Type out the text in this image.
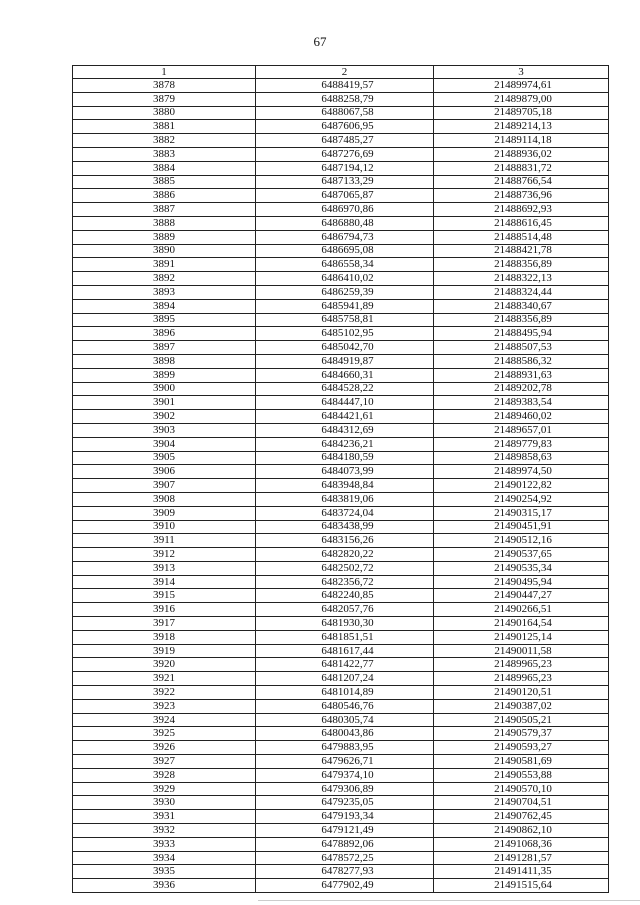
67
1	2	3
3878	6488419,57	21489974,61
3879	6488258,79	21489879,00
3880	6488067,58	21489705,18
3881	6487606,95	21489214,13
3882	6487485,27	21489114,18
3883	6487276,69	21488936,02
3884	6487194,12	21488831,72
3885	6487133,29	21488766,54
3886	6487065,87	21488736,96
3887	6486970,86	21488692,93
3888	6486880,48	21488616,45
3889	6486794,73	21488514,48
3890	6486695,08	21488421,78
3891	6486558,34	21488356,89
3892	6486410,02	21488322,13
3893	6486259,39	21488324,44
3894	6485941,89	21488340,67
3895	6485758,81	21488356,89
3896	6485102,95	21488495,94
3897	6485042,70	21488507,53
3898	6484919,87	21488586,32
3899	6484660,31	21488931,63
3900	6484528,22	21489202,78
3901	6484447,10	21489383,54
3902	6484421,61	21489460,02
3903	6484312,69	21489657,01
3904	6484236,21	21489779,83
3905	6484180,59	21489858,63
3906	6484073,99	21489974,50
3907	6483948,84	21490122,82
3908	6483819,06	21490254,92
3909	6483724,04	21490315,17
3910	6483438,99	21490451,91
3911	6483156,26	21490512,16
3912	6482820,22	21490537,65
3913	6482502,72	21490535,34
3914	6482356,72	21490495,94
3915	6482240,85	21490447,27
3916	6482057,76	21490266,51
3917	6481930,30	21490164,54
3918	6481851,51	21490125,14
3919	6481617,44	21490011,58
3920	6481422,77	21489965,23
3921	6481207,24	21489965,23
3922	6481014,89	21490120,51
3923	6480546,76	21490387,02
3924	6480305,74	21490505,21
3925	6480043,86	21490579,37
3926	6479883,95	21490593,27
3927	6479626,71	21490581,69
3928	6479374,10	21490553,88
3929	6479306,89	21490570,10
3930	6479235,05	21490704,51
3931	6479193,34	21490762,45
3932	6479121,49	21490862,10
3933	6478892,06	21491068,36
3934	6478572,25	21491281,57
3935	6478277,93	21491411,35
3936	6477902,49	21491515,64
